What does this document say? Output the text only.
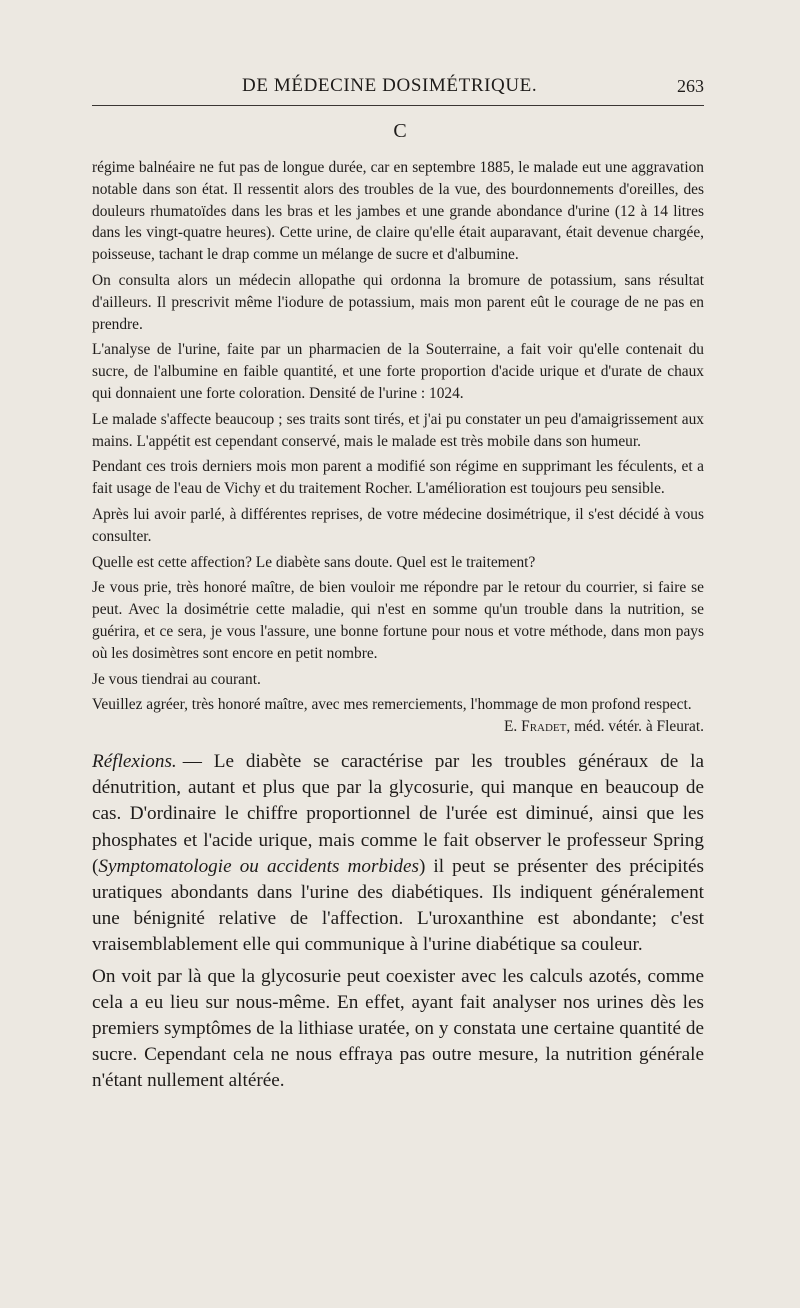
DE MÉDECINE DOSIMÉTRIQUE.	263
C

régime balnéaire ne fut pas de longue durée, car en septembre 1885, le malade eut une aggravation notable dans son état. Il ressentit alors des troubles de la vue, des bourdonnements d'oreilles, des douleurs rhumatoïdes dans les bras et les jambes et une grande abondance d'urine (12 à 14 litres dans les vingt-quatre heures). Cette urine, de claire qu'elle était auparavant, était devenue chargée, poisseuse, tachant le drap comme un mélange de sucre et d'albumine.

On consulta alors un médecin allopathe qui ordonna la bromure de potassium, sans résultat d'ailleurs. Il prescrivit même l'iodure de potassium, mais mon parent eût le courage de ne pas en prendre.

L'analyse de l'urine, faite par un pharmacien de la Souterraine, a fait voir qu'elle contenait du sucre, de l'albumine en faible quantité, et une forte proportion d'acide urique et d'urate de chaux qui donnaient une forte coloration. Densité de l'urine : 1024.

Le malade s'affecte beaucoup ; ses traits sont tirés, et j'ai pu constater un peu d'amaigrissement aux mains. L'appétit est cependant conservé, mais le malade est très mobile dans son humeur.

Pendant ces trois derniers mois mon parent a modifié son régime en supprimant les féculents, et a fait usage de l'eau de Vichy et du traitement Rocher. L'amélioration est toujours peu sensible.

Après lui avoir parlé, à différentes reprises, de votre médecine dosimétrique, il s'est décidé à vous consulter.

Quelle est cette affection? Le diabète sans doute. Quel est le traitement?

Je vous prie, très honoré maître, de bien vouloir me répondre par le retour du courrier, si faire se peut. Avec la dosimétrie cette maladie, qui n'est en somme qu'un trouble dans la nutrition, se guérira, et ce sera, je vous l'assure, une bonne fortune pour nous et votre méthode, dans mon pays où les dosimètres sont encore en petit nombre.

Je vous tiendrai au courant.

Veuillez agréer, très honoré maître, avec mes remerciements, l'hommage de mon profond respect.
E. Fradet, méd. vétér. à Fleurat.

Réflexions. — Le diabète se caractérise par les troubles généraux de la dénutrition, autant et plus que par la glycosurie, qui manque en beaucoup de cas. D'ordinaire le chiffre proportionnel de l'urée est diminué, ainsi que les phosphates et l'acide urique, mais comme le fait observer le professeur Spring (Symptomatologie ou accidents morbides) il peut se présenter des précipités uratiques abondants dans l'urine des diabétiques. Ils indiquent généralement une bénignité relative de l'affection. L'uroxanthine est abondante; c'est vraisemblablement elle qui communique à l'urine diabétique sa couleur.

On voit par là que la glycosurie peut coexister avec les calculs azotés, comme cela a eu lieu sur nous-même. En effet, ayant fait analyser nos urines dès les premiers symptômes de la lithiase uratée, on y constata une certaine quantité de sucre. Cependant cela ne nous effraya pas outre mesure, la nutrition générale n'étant nullement altérée.
